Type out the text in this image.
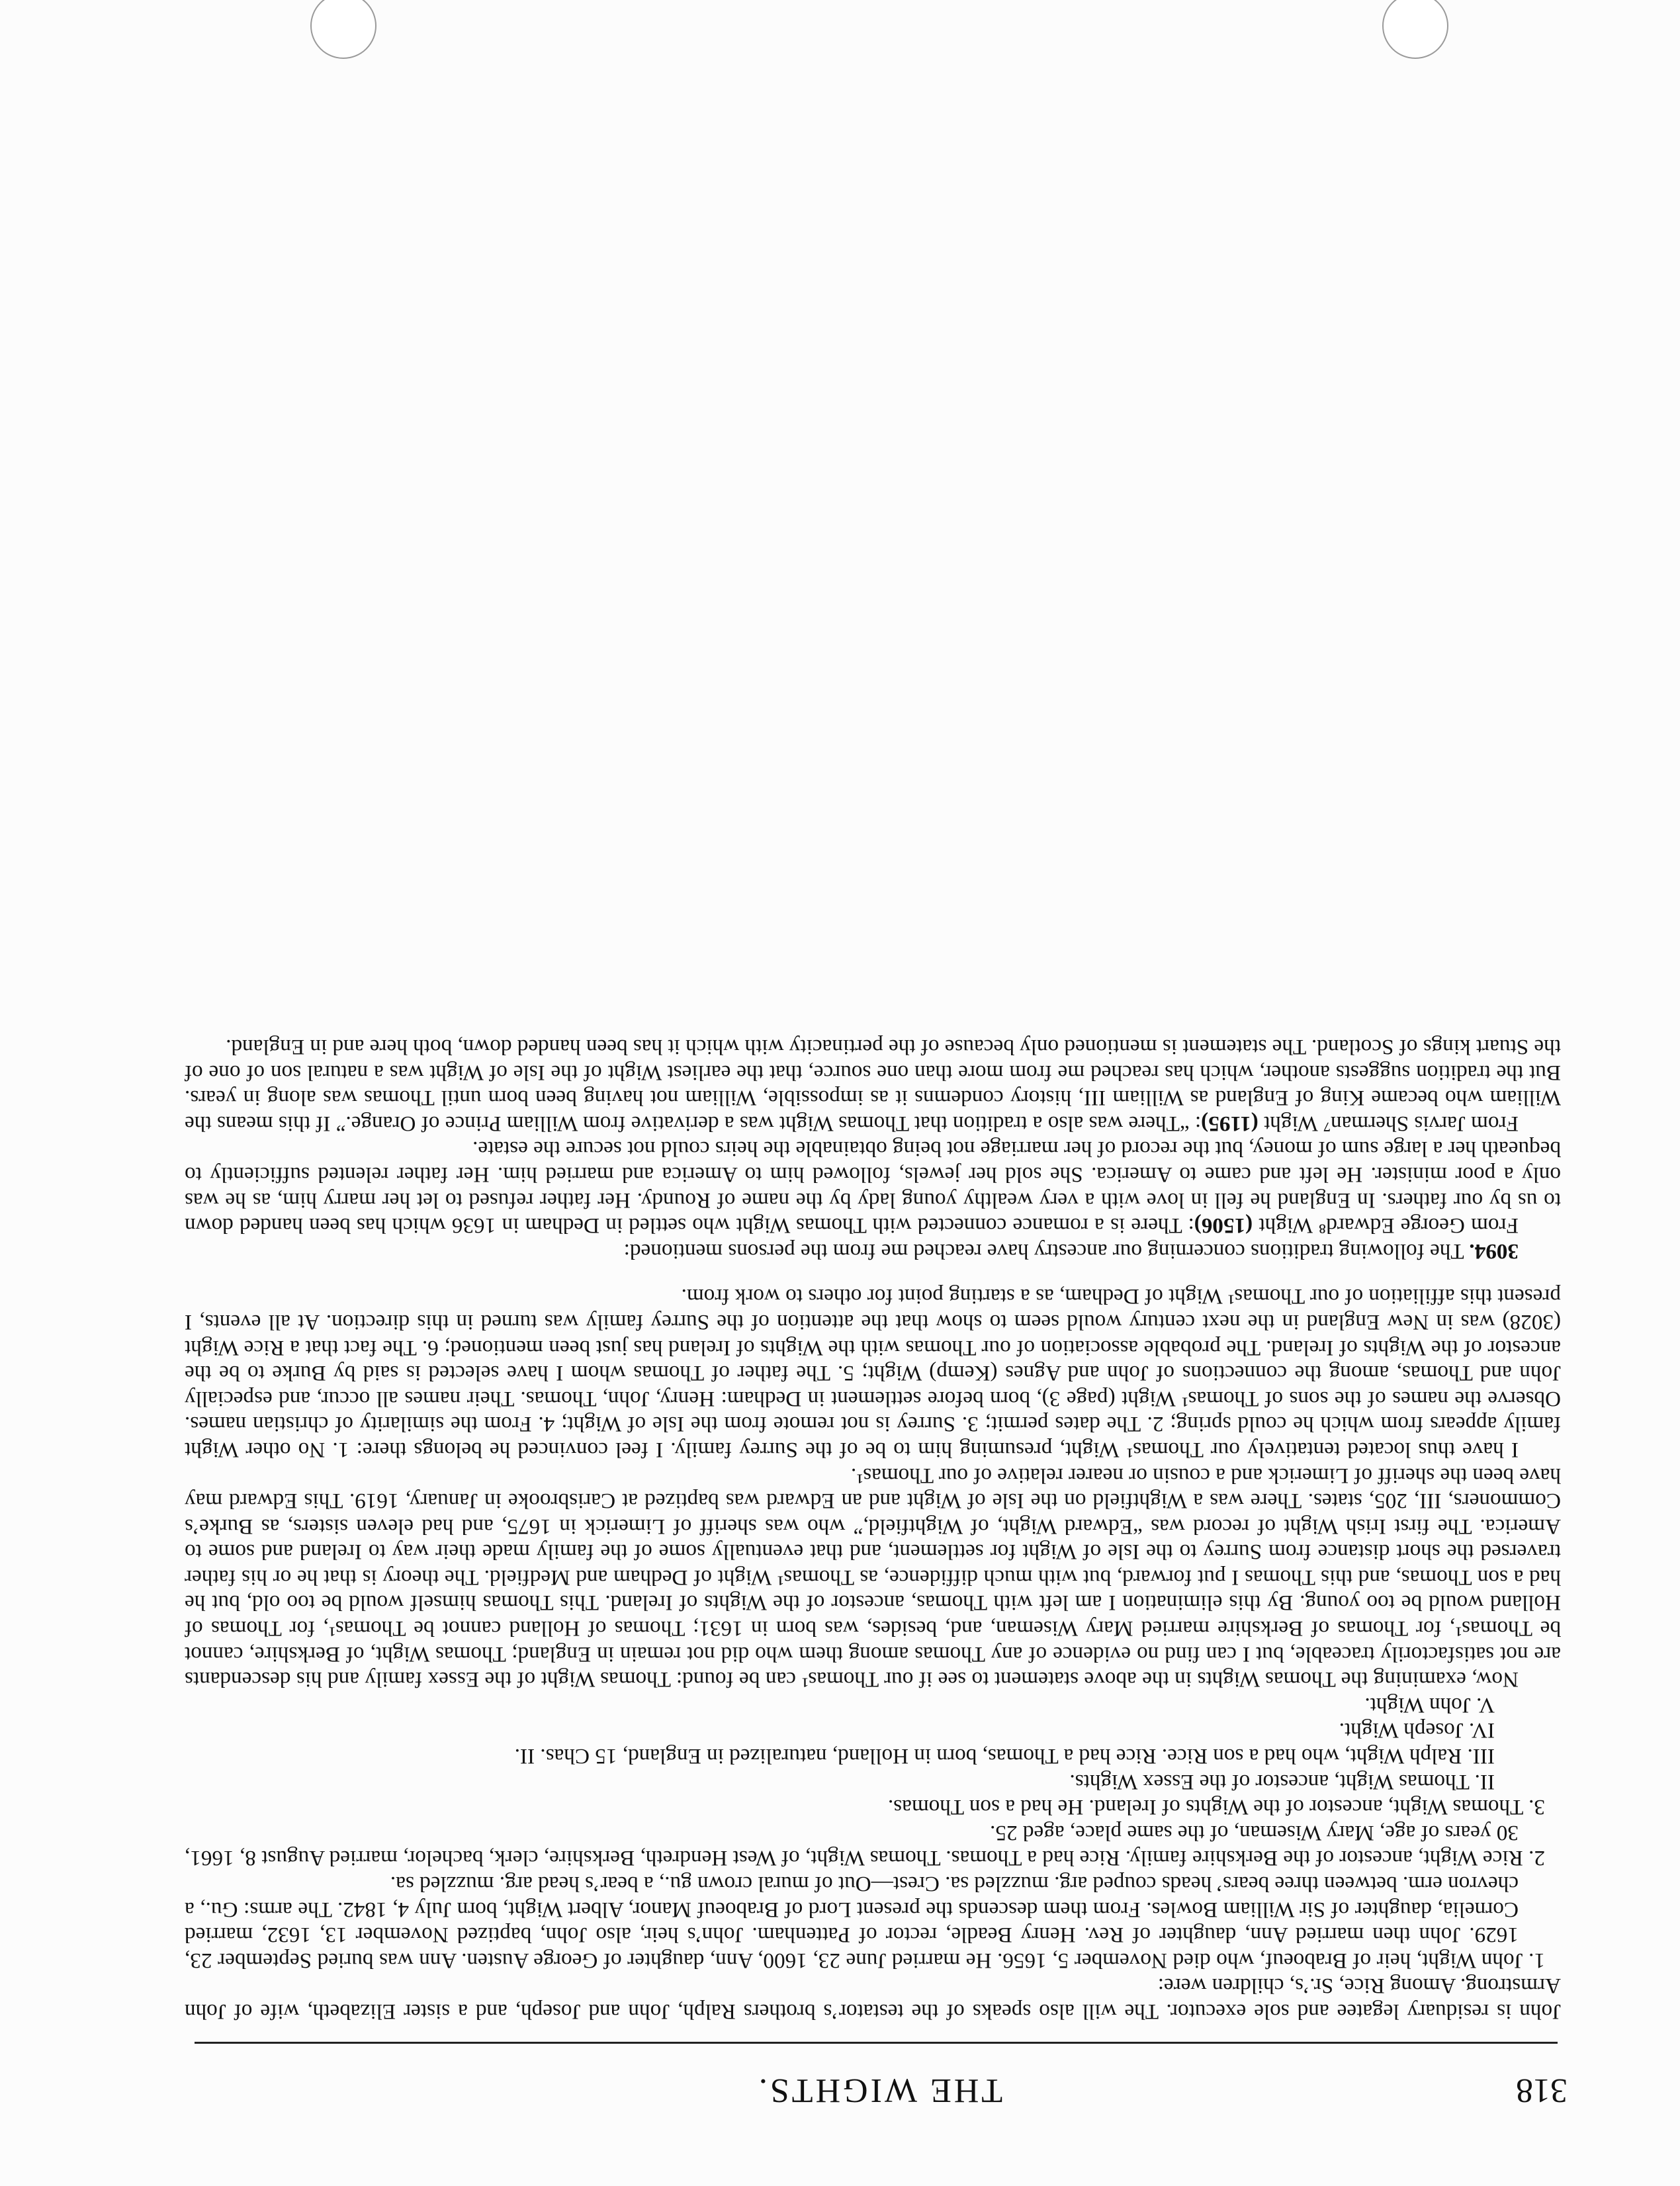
318
THE WIGHTS.

John is residuary legatee and sole executor. The will also speaks of the testator’s brothers Ralph, John and Joseph, and a sister Elizabeth, wife of John Armstrong. Among Rice, Sr.’s, children were:

1. John Wight, heir of Braboeuf, who died November 5, 1656. He married June 23, 1600, Ann, daughter of George Austen. Ann was buried September 23, 1629. John then married Ann, daughter of Rev. Henry Beadle, rector of Pattenham. John’s heir, also John, baptized November 13, 1632, married Cornelia, daughter of Sir William Bowles. From them descends the present Lord of Braboeuf Manor, Albert Wight, born July 4, 1842. The arms: Gu., a chevron erm. between three bears’ heads couped arg. muzzled sa. Crest—Out of mural crown gu., a bear’s head arg. muzzled sa.

2. Rice Wight, ancestor of the Berkshire family. Rice had a Thomas. Thomas Wight, of West Hendreth, Berkshire, clerk, bachelor, married August 8, 1661, 30 years of age, Mary Wiseman, of the same place, aged 25.

3. Thomas Wight, ancestor of the Wights of Ireland. He had a son Thomas.

II. Thomas Wight, ancestor of the Essex Wights.

III. Ralph Wight, who had a son Rice. Rice had a Thomas, born in Holland, naturalized in England, 15 Chas. II.

IV. Joseph Wight.

V. John Wight.

Now, examining the Thomas Wights in the above statement to see if our Thomas¹ can be found: Thomas Wight of the Essex family and his descendants are not satisfactorily traceable, but I can find no evidence of any Thomas among them who did not remain in England; Thomas Wight, of Berkshire, cannot be Thomas¹, for Thomas of Berkshire married Mary Wiseman, and, besides, was born in 1631; Thomas of Holland cannot be Thomas¹, for Thomas of Holland would be too young. By this elimination I am left with Thomas, ancestor of the Wights of Ireland. This Thomas himself would be too old, but he had a son Thomas, and this Thomas I put forward, but with much diffidence, as Thomas¹ Wight of Dedham and Medfield. The theory is that he or his father traversed the short distance from Surrey to the Isle of Wight for settlement, and that eventually some of the family made their way to Ireland and some to America. The first Irish Wight of record was “Edward Wight, of Wightfield,” who was sheriff of Limerick in 1675, and had eleven sisters, as Burke’s Commoners, III, 205, states. There was a Wightfield on the Isle of Wight and an Edward was baptized at Carisbrooke in January, 1619. This Edward may have been the sheriff of Limerick and a cousin or nearer relative of our Thomas¹.

I have thus located tentatively our Thomas¹ Wight, presuming him to be of the Surrey family. I feel convinced he belongs there: 1. No other Wight family appears from which he could spring; 2. The dates permit; 3. Surrey is not remote from the Isle of Wight; 4. From the similarity of christian names. Observe the names of the sons of Thomas¹ Wight (page 3), born before settlement in Dedham: Henry, John, Thomas. Their names all occur, and especially John and Thomas, among the connections of John and Agnes (Kemp) Wight; 5. The father of Thomas whom I have selected is said by Burke to be the ancestor of the Wights of Ireland. The probable association of our Thomas with the Wights of Ireland has just been mentioned; 6. The fact that a Rice Wight (3028) was in New England in the next century would seem to show that the attention of the Surrey family was turned in this direction. At all events, I present this affiliation of our Thomas¹ Wight of Dedham, as a starting point for others to work from.

3094. The following traditions concerning our ancestry have reached me from the persons mentioned:

From George Edward⁸ Wight (1506): There is a romance connected with Thomas Wight who settled in Dedham in 1636 which has been handed down to us by our fathers. In England he fell in love with a very wealthy young lady by the name of Roundy. Her father refused to let her marry him, as he was only a poor minister. He left and came to America. She sold her jewels, followed him to America and married him. Her father relented sufficiently to bequeath her a large sum of money, but the record of her marriage not being obtainable the heirs could not secure the estate.

From Jarvis Sherman⁷ Wight (1195): “There was also a tradition that Thomas Wight was a derivative from William Prince of Orange.” If this means the William who became King of England as William III, history condemns it as impossible, William not having been born until Thomas was along in years. But the tradition suggests another, which has reached me from more than one source, that the earliest Wight of the Isle of Wight was a natural son of one of the Stuart kings of Scotland. The statement is mentioned only because of the pertinacity with which it has been handed down, both here and in England.
